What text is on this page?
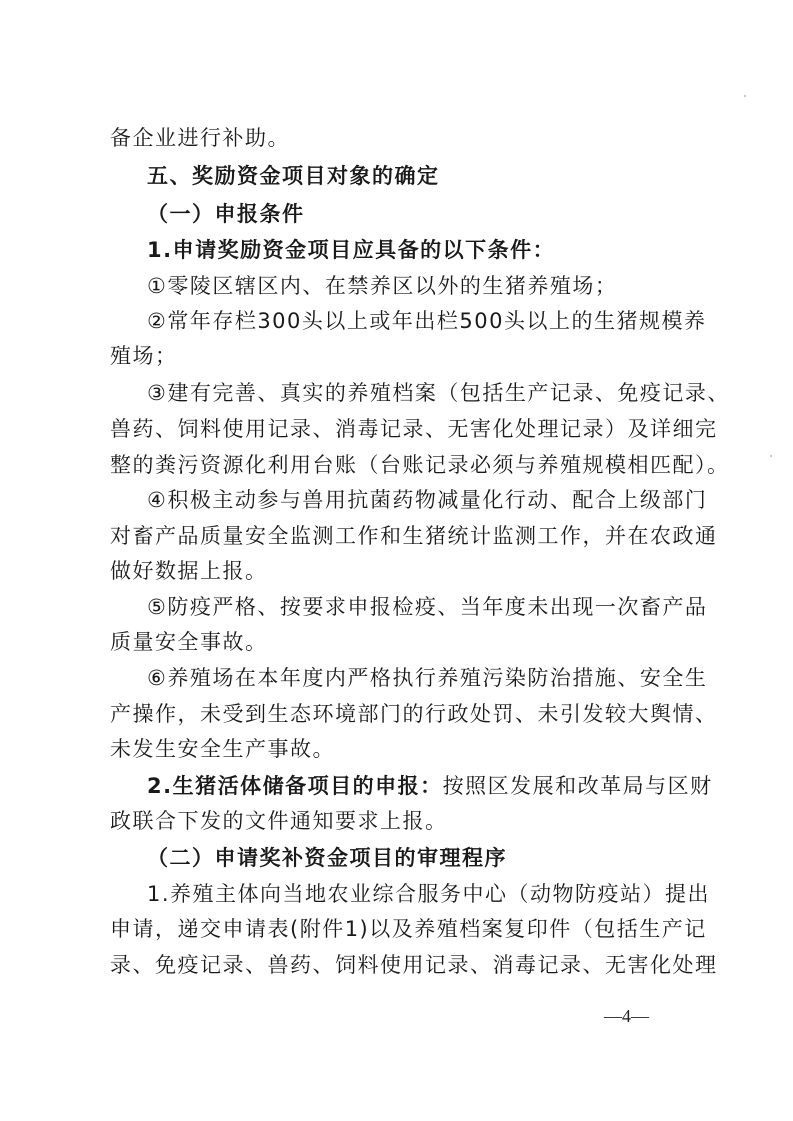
备企业进行补助。
五、奖励资金项目对象的确定
（一）申报条件
1.申请奖励资金项目应具备的以下条件：
①零陵区辖区内、在禁养区以外的生猪养殖场；
②常年存栏300头以上或年出栏500头以上的生猪规模养
殖场；
③建有完善、真实的养殖档案（包括生产记录、免疫记录、
兽药、饲料使用记录、消毒记录、无害化处理记录）及详细完
整的粪污资源化利用台账（台账记录必须与养殖规模相匹配）。
④积极主动参与兽用抗菌药物减量化行动、配合上级部门
对畜产品质量安全监测工作和生猪统计监测工作，并在农政通
做好数据上报。
⑤防疫严格、按要求申报检疫、当年度未出现一次畜产品
质量安全事故。
⑥养殖场在本年度内严格执行养殖污染防治措施、安全生
产操作，未受到生态环境部门的行政处罚、未引发较大舆情、
未发生安全生产事故。
2.生猪活体储备项目的申报：按照区发展和改革局与区财
政联合下发的文件通知要求上报。
（二）申请奖补资金项目的审理程序
1.养殖主体向当地农业综合服务中心（动物防疫站）提出
申请，递交申请表(附件1)以及养殖档案复印件（包括生产记
录、免疫记录、兽药、饲料使用记录、消毒记录、无害化处理
—4—
